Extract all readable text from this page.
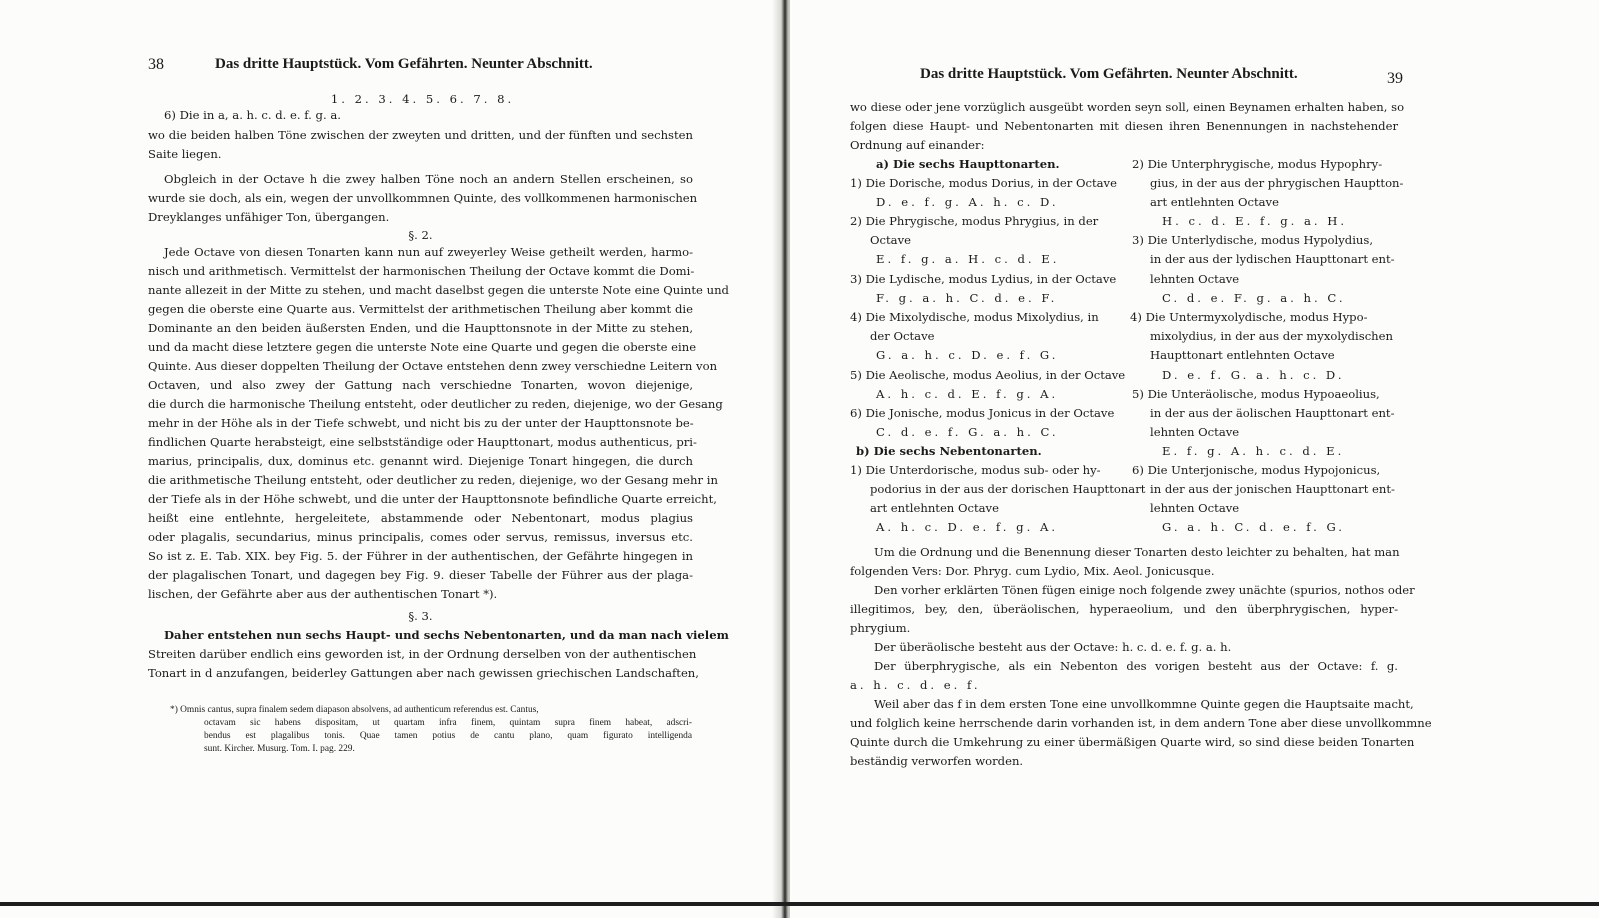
38	Das dritte Hauptstück. Vom Gefährten. Neunter Abschnitt.
1. 2. 3. 4. 5. 6. 7. 8.
6) Die in a, a. h. c. d. e. f. g. a.
wo die beiden halben Töne zwischen der zweyten und dritten, und der fünften und sechsten
Saite liegen.
Obgleich in der Octave h die zwey halben Töne noch an andern Stellen erscheinen, so
wurde sie doch, als ein, wegen der unvollkommnen Quinte, des vollkommenen harmonischen
Dreyklanges unfähiger Ton, übergangen.
§. 2.
Jede Octave von diesen Tonarten kann nun auf zweyerley Weise getheilt werden, harmo-
nisch und arithmetisch. Vermittelst der harmonischen Theilung der Octave kommt die Domi-
nante allezeit in der Mitte zu stehen, und macht daselbst gegen die unterste Note eine Quinte und
gegen die oberste eine Quarte aus. Vermittelst der arithmetischen Theilung aber kommt die
Dominante an den beiden äußersten Enden, und die Haupttonsnote in der Mitte zu stehen,
und da macht diese letztere gegen die unterste Note eine Quarte und gegen die oberste eine
Quinte. Aus dieser doppelten Theilung der Octave entstehen denn zwey verschiedne Leitern von
Octaven, und also zwey der Gattung nach verschiedne Tonarten, wovon diejenige,
die durch die harmonische Theilung entsteht, oder deutlicher zu reden, diejenige, wo der Gesang
mehr in der Höhe als in der Tiefe schwebt, und nicht bis zu der unter der Haupttonsnote be-
findlichen Quarte herabsteigt, eine selbstständige oder Haupttonart, modus authenticus, pri-
marius, principalis, dux, dominus etc. genannt wird. Diejenige Tonart hingegen, die durch
die arithmetische Theilung entsteht, oder deutlicher zu reden, diejenige, wo der Gesang mehr in
der Tiefe als in der Höhe schwebt, und die unter der Haupttonsnote befindliche Quarte erreicht,
heißt eine entlehnte, hergeleitete, abstammende oder Nebentonart, modus plagius
oder plagalis, secundarius, minus principalis, comes oder servus, remissus, inversus etc.
So ist z. E. Tab. XIX. bey Fig. 5. der Führer in der authentischen, der Gefährte hingegen in
der plagalischen Tonart, und dagegen bey Fig. 9. dieser Tabelle der Führer aus der plaga-
lischen, der Gefährte aber aus der authentischen Tonart *).
§. 3.
Daher entstehen nun sechs Haupt- und sechs Nebentonarten, und da man nach vielem
Streiten darüber endlich eins geworden ist, in der Ordnung derselben von der authentischen
Tonart in d anzufangen, beiderley Gattungen aber nach gewissen griechischen Landschaften,
*) Omnis cantus, supra finalem sedem diapason absolvens, ad authenticum referendus est. Cantus,
octavam sic habens dispositam, ut quartam infra finem, quintam supra finem habeat, adscri-
bendus est plagalibus tonis. Quae tamen potius de cantu plano, quam figurato intelligenda
sunt. Kircher. Musurg. Tom. I. pag. 229.
Das dritte Hauptstück. Vom Gefährten. Neunter Abschnitt.	39
wo diese oder jene vorzüglich ausgeübt worden seyn soll, einen Beynamen erhalten haben, so
folgen diese Haupt- und Nebentonarten mit diesen ihren Benennungen in nachstehender
Ordnung auf einander:
a) Die sechs Haupttonarten.
1) Die Dorische, modus Dorius, in der Octave
D. e. f. g. A. h. c. D.
2) Die Phrygische, modus Phrygius, in der
Octave
E. f. g. a. H. c. d. E.
3) Die Lydische, modus Lydius, in der Octave
F. g. a. h. C. d. e. F.
4) Die Mixolydische, modus Mixolydius, in
der Octave
G. a. h. c. D. e. f. G.
5) Die Aeolische, modus Aeolius, in der Octave
A. h. c. d. E. f. g. A.
6) Die Jonische, modus Jonicus in der Octave
C. d. e. f. G. a. h. C.
b) Die sechs Nebentonarten.
1) Die Unterdorische, modus sub- oder hy-
podorius in der aus der dorischen Haupttonart
art entlehnten Octave
A. h. c. D. e. f. g. A.
2) Die Unterphrygische, modus Hypophry-
gius, in der aus der phrygischen Hauptton-
art entlehnten Octave
H. c. d. E. f. g. a. H.
3) Die Unterlydische, modus Hypolydius,
in der aus der lydischen Haupttonart ent-
lehnten Octave
C. d. e. F. g. a. h. C.
4) Die Untermyxolydische, modus Hypo-
mixolydius, in der aus der myxolydischen
Haupttonart entlehnten Octave
D. e. f. G. a. h. c. D.
5) Die Unteräolische, modus Hypoaeolius,
in der aus der äolischen Haupttonart ent-
lehnten Octave
E. f. g. A. h. c. d. E.
6) Die Unterjonische, modus Hypojonicus,
in der aus der jonischen Haupttonart ent-
lehnten Octave
G. a. h. C. d. e. f. G.
Um die Ordnung und die Benennung dieser Tonarten desto leichter zu behalten, hat man
folgenden Vers: Dor. Phryg. cum Lydio, Mix. Aeol. Jonicusque.
Den vorher erklärten Tönen fügen einige noch folgende zwey unächte (spurios, nothos oder
illegitimos, bey, den, überäolischen, hyperaeolium, und den überphrygischen, hyper-
phrygium.
Der überäolische besteht aus der Octave: h. c. d. e. f. g. a. h.
Der überphrygische, als ein Nebenton des vorigen besteht aus der Octave: f. g.
a. h. c. d. e. f.
Weil aber das f in dem ersten Tone eine unvollkommne Quinte gegen die Hauptsaite macht,
und folglich keine herrschende darin vorhanden ist, in dem andern Tone aber diese unvollkommne
Quinte durch die Umkehrung zu einer übermäßigen Quarte wird, so sind diese beiden Tonarten
beständig verworfen worden.
